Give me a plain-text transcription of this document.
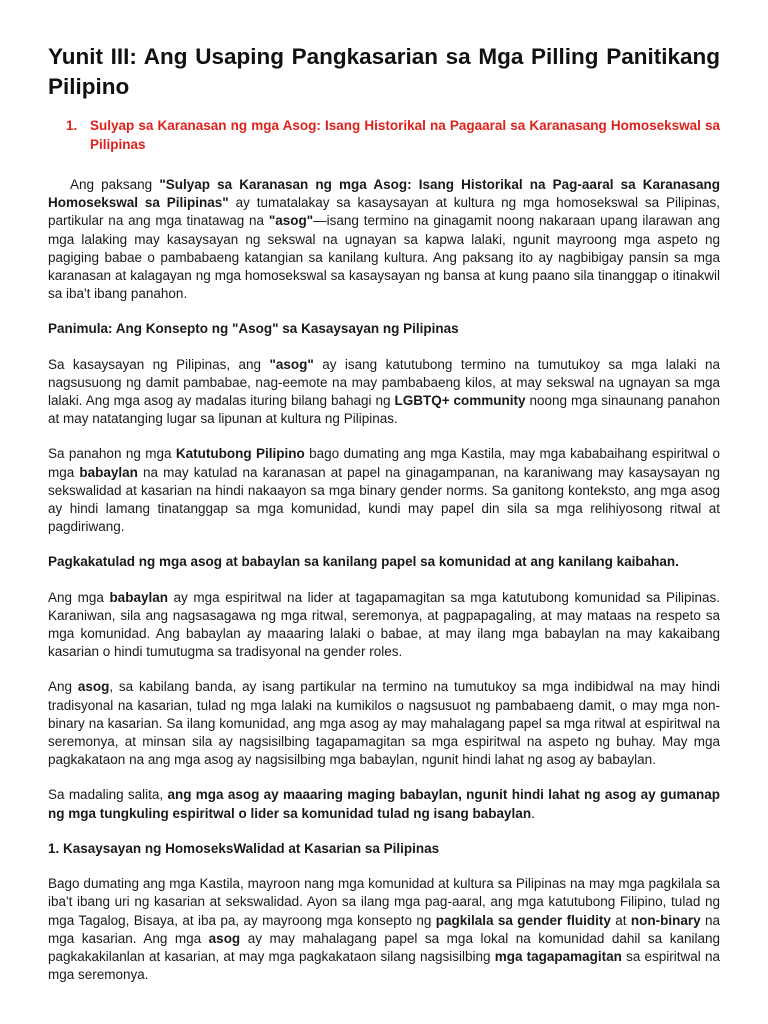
Yunit III: Ang Usaping Pangkasarian sa Mga Pilling Panitikang Pilipino
1. Sulyap sa Karanasan ng mga Asog: Isang Historikal na Pagaaral sa Karanasang Homosekswal sa Pilipinas

Ang paksang "Sulyap sa Karanasan ng mga Asog: Isang Historikal na Pag-aaral sa Karanasang Homosekswal sa Pilipinas" ay tumatalakay sa kasaysayan at kultura ng mga homosekswal sa Pilipinas, partikular na ang mga tinatawag na "asog"—isang termino na ginagamit noong nakaraan upang ilarawan ang mga lalaking may kasaysayan ng sekswal na ugnayan sa kapwa lalaki, ngunit mayroong mga aspeto ng pagiging babae o pambabaeng katangian sa kanilang kultura. Ang paksang ito ay nagbibigay pansin sa mga karanasan at kalagayan ng mga homosekswal sa kasaysayan ng bansa at kung paano sila tinanggap o itinakwil sa iba't ibang panahon.

Panimula: Ang Konsepto ng "Asog" sa Kasaysayan ng Pilipinas

Sa kasaysayan ng Pilipinas, ang "asog" ay isang katutubong termino na tumutukoy sa mga lalaki na nagsusuong ng damit pambabae, nag-eemote na may pambabaeng kilos, at may sekswal na ugnayan sa mga lalaki. Ang mga asog ay madalas ituring bilang bahagi ng LGBTQ+ community noong mga sinaunang panahon at may natatanging lugar sa lipunan at kultura ng Pilipinas.

Sa panahon ng mga Katutubong Pilipino bago dumating ang mga Kastila, may mga kababaihang espiritwal o mga babaylan na may katulad na karanasan at papel na ginagampanan, na karaniwang may kasaysayan ng sekswalidad at kasarian na hindi nakaayon sa mga binary gender norms. Sa ganitong konteksto, ang mga asog ay hindi lamang tinatanggap sa mga komunidad, kundi may papel din sila sa mga relihiyosong ritwal at pagdiriwang.

Pagkakatulad ng mga asog at babaylan sa kanilang papel sa komunidad at ang kanilang kaibahan.

Ang mga babaylan ay mga espiritwal na lider at tagapamagitan sa mga katutubong komunidad sa Pilipinas. Karaniwan, sila ang nagsasagawa ng mga ritwal, seremonya, at pagpapagaling, at may mataas na respeto sa mga komunidad. Ang babaylan ay maaaring lalaki o babae, at may ilang mga babaylan na may kakaibang kasarian o hindi tumutugma sa tradisyonal na gender roles.

Ang asog, sa kabilang banda, ay isang partikular na termino na tumutukoy sa mga indibidwal na may hindi tradisyonal na kasarian, tulad ng mga lalaki na kumikilos o nagsusuot ng pambabaeng damit, o may mga non-binary na kasarian. Sa ilang komunidad, ang mga asog ay may mahalagang papel sa mga ritwal at espiritwal na seremonya, at minsan sila ay nagsisilbing tagapamagitan sa mga espiritwal na aspeto ng buhay. May mga pagkakataon na ang mga asog ay nagsisilbing mga babaylan, ngunit hindi lahat ng asog ay babaylan.

Sa madaling salita, ang mga asog ay maaaring maging babaylan, ngunit hindi lahat ng asog ay gumanap ng mga tungkuling espiritwal o lider sa komunidad tulad ng isang babaylan.

1. Kasaysayan ng HomoseksWalidad at Kasarian sa Pilipinas

Bago dumating ang mga Kastila, mayroon nang mga komunidad at kultura sa Pilipinas na may mga pagkilala sa iba't ibang uri ng kasarian at sekswalidad. Ayon sa ilang mga pag-aaral, ang mga katutubong Filipino, tulad ng mga Tagalog, Bisaya, at iba pa, ay mayroong mga konsepto ng pagkilala sa gender fluidity at non-binary na mga kasarian. Ang mga asog ay may mahalagang papel sa mga lokal na komunidad dahil sa kanilang pagkakakilanlan at kasarian, at may mga pagkakataon silang nagsisilbing mga tagapamagitan sa espiritwal na mga seremonya.
